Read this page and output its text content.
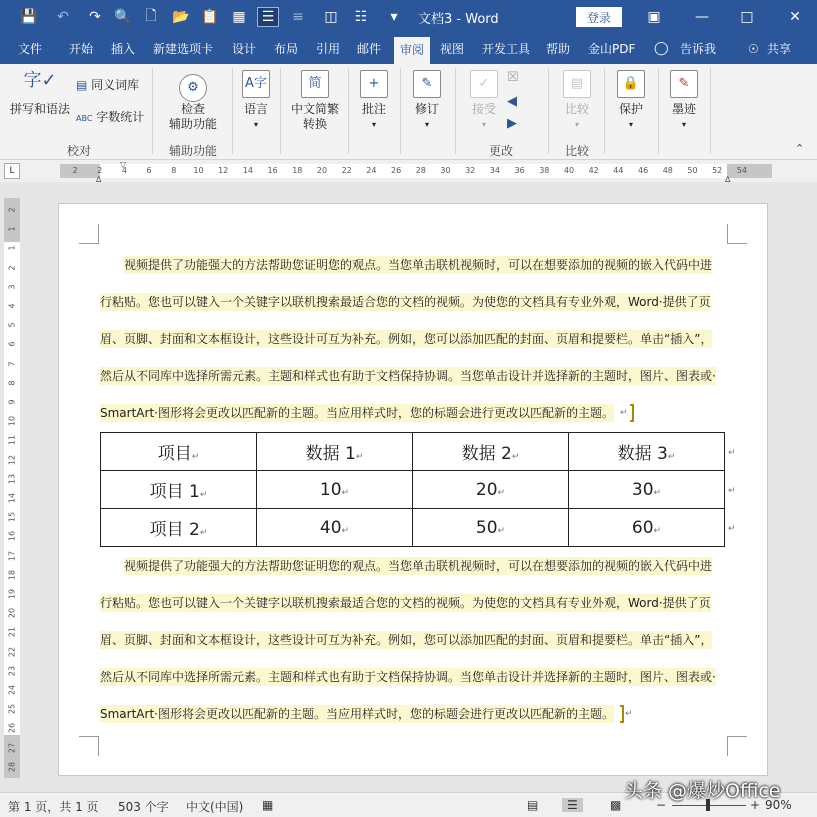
💾	↶	↷ 🔍 🗋	📂 📋 ▦	☰	≡	◫	☷	▾	文档3 - Word	登录	▣	—	□	✕
文件 开始 插入 新建选项卡 设计 布局 引用 邮件	审阅	视图 开发工具 帮助 金山PDF ◯ 告诉我	☉ 共享
字✓
拼写和语法
▤ 同义词库
ABC 字数统计
校对
⚙
检查
辅助功能
辅助功能
A字
语言
▾
简
中文简繁
转换
+
批注
▾
✎
修订
▾
✓
接受
▾
☒
◀
▶
更改
▤
比较
▾
比较
🔒
保护
▾
✎
墨迹
▾
⌃
L	2 2 4 6 8 10 12 14 16 18 20 22 24 26 28 30 32 34 36 38 40 42 44 46 48 50 52 54
∆
▽
∆
2
1
1
2
3
4
5
6
7
8
9
10
11
12
13
14
15
16
17
18
19
20
21
22
23
24
25
26
27
28
视频提供了功能强大的方法帮助您证明您的观点。当您单击联机视频时，可以在想要添加的视频的嵌入代码中进
行粘贴。您也可以键入一个关键字以联机搜索最适合您的文档的视频。为使您的文档具有专业外观，Word·提供了页
眉、页脚、封面和文本框设计，这些设计可互为补充。例如，您可以添加匹配的封面、页眉和提要栏。单击“插入”，
然后从不同库中选择所需元素。主题和样式也有助于文档保持协调。当您单击设计并选择新的主题时，图片、图表或·
SmartArt·图形将会更改以匹配新的主题。当应用样式时，您的标题会进行更改以匹配新的主题。 ↵
项目↵	数据 1↵	数据 2↵	数据 3↵
项目 1↵	10↵	20↵	30↵
项目 2↵	40↵	50↵	60↵
↵
↵
↵
视频提供了功能强大的方法帮助您证明您的观点。当您单击联机视频时，可以在想要添加的视频的嵌入代码中进
行粘贴。您也可以键入一个关键字以联机搜索最适合您的文档的视频。为使您的文档具有专业外观，Word·提供了页
眉、页脚、封面和文本框设计，这些设计可互为补充。例如，您可以添加匹配的封面、页眉和提要栏。单击“插入”，
然后从不同库中选择所需元素。主题和样式也有助于文档保持协调。当您单击设计并选择新的主题时，图片、图表或·
SmartArt·图形将会更改以匹配新的主题。当应用样式时，您的标题会进行更改以匹配新的主题。 ↵
第 1 页，共 1 页 503 个字 中文(中国) ▦	▤	☰	▩	−	+ 90%
头条 @爆炒Office
